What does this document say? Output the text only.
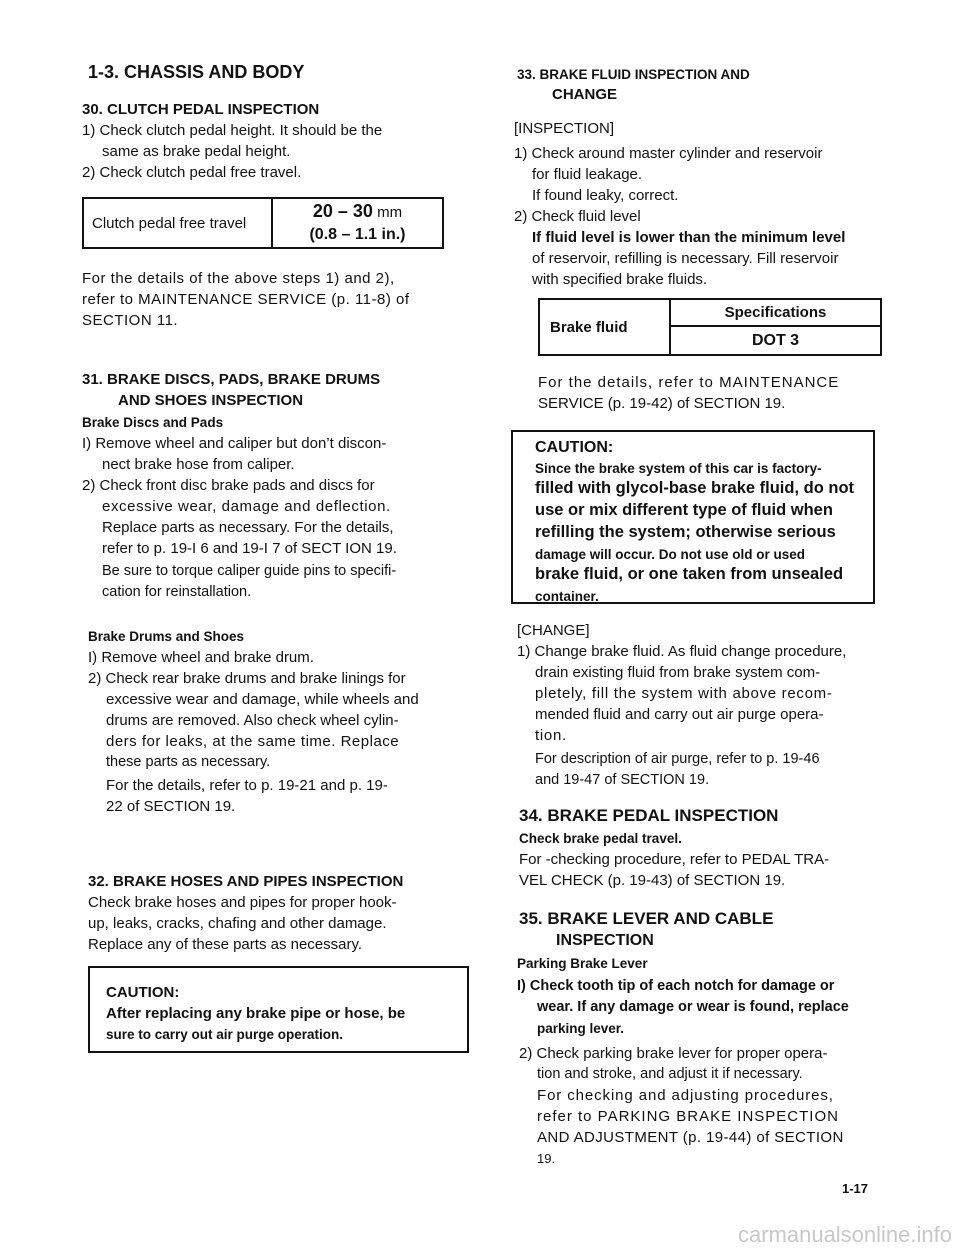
1-3. CHASSIS AND BODY
30. CLUTCH PEDAL INSPECTION
1) Check clutch pedal height. It should be the
same as brake pedal height.
2) Check clutch pedal free travel.
Clutch pedal free travel	20 – 30 mm
(0.8 – 1.1 in.)
For the details of the above steps 1) and 2),
refer to MAINTENANCE SERVICE (p. 11-8) of
SECTION 11.
31. BRAKE DISCS, PADS, BRAKE DRUMS
AND SHOES INSPECTION
Brake Discs and Pads
I) Remove wheel and caliper but don’t discon-
nect brake hose from caliper.
2) Check front disc brake pads and discs for
excessive wear, damage and deflection.
Replace parts as necessary. For the details,
refer to p. 19-I 6 and 19-I 7 of SECT ION 19.
Be sure to torque caliper guide pins to specifi-
cation for reinstallation.
Brake Drums and Shoes
I) Remove wheel and brake drum.
2) Check rear brake drums and brake linings for
excessive wear and damage, while wheels and
drums are removed. Also check wheel cylin-
ders for leaks, at the same time. Replace
these parts as necessary.
For the details, refer to p. 19-21 and p. 19-
22 of SECTION 19.
32. BRAKE HOSES AND PIPES INSPECTION
Check brake hoses and pipes for proper hook-
up, leaks, cracks, chafing and other damage.
Replace any of these parts as necessary.
CAUTION:
After replacing any brake pipe or hose, be
sure to carry out air purge operation.
33. BRAKE FLUID INSPECTION AND
CHANGE
[INSPECTION]
1) Check around master cylinder and reservoir
for fluid leakage.
If found leaky, correct.
2) Check fluid level
If fluid level is lower than the minimum level
of reservoir, refilling is necessary. Fill reservoir
with specified brake fluids.
Brake fluid	Specifications
DOT 3
For the details, refer to MAINTENANCE
SERVICE (p. 19-42) of SECTION 19.
CAUTION:
Since the brake system of this car is factory-
filled with glycol-base brake fluid, do not
use or mix different type of fluid when
refilling the system; otherwise serious
damage will occur. Do not use old or used
brake fluid, or one taken from unsealed
container.
[CHANGE]
1) Change brake fluid. As fluid change procedure,
drain existing fluid from brake system com-
pletely, fill the system with above recom-
mended fluid and carry out air purge opera-
tion.
For description of air purge, refer to p. 19-46
and 19-47 of SECTION 19.
34. BRAKE PEDAL INSPECTION
Check brake pedal travel.
For -checking procedure, refer to PEDAL TRA-
VEL CHECK (p. 19-43) of SECTION 19.
35. BRAKE LEVER AND CABLE
INSPECTION
Parking Brake Lever
I) Check tooth tip of each notch for damage or
wear. If any damage or wear is found, replace
parking lever.
2) Check parking brake lever for proper opera-
tion and stroke, and adjust it if necessary.
For checking and adjusting procedures,
refer to PARKING BRAKE INSPECTION
AND ADJUSTMENT (p. 19-44) of SECTION
19.
1-17
carmanualsonline.info
